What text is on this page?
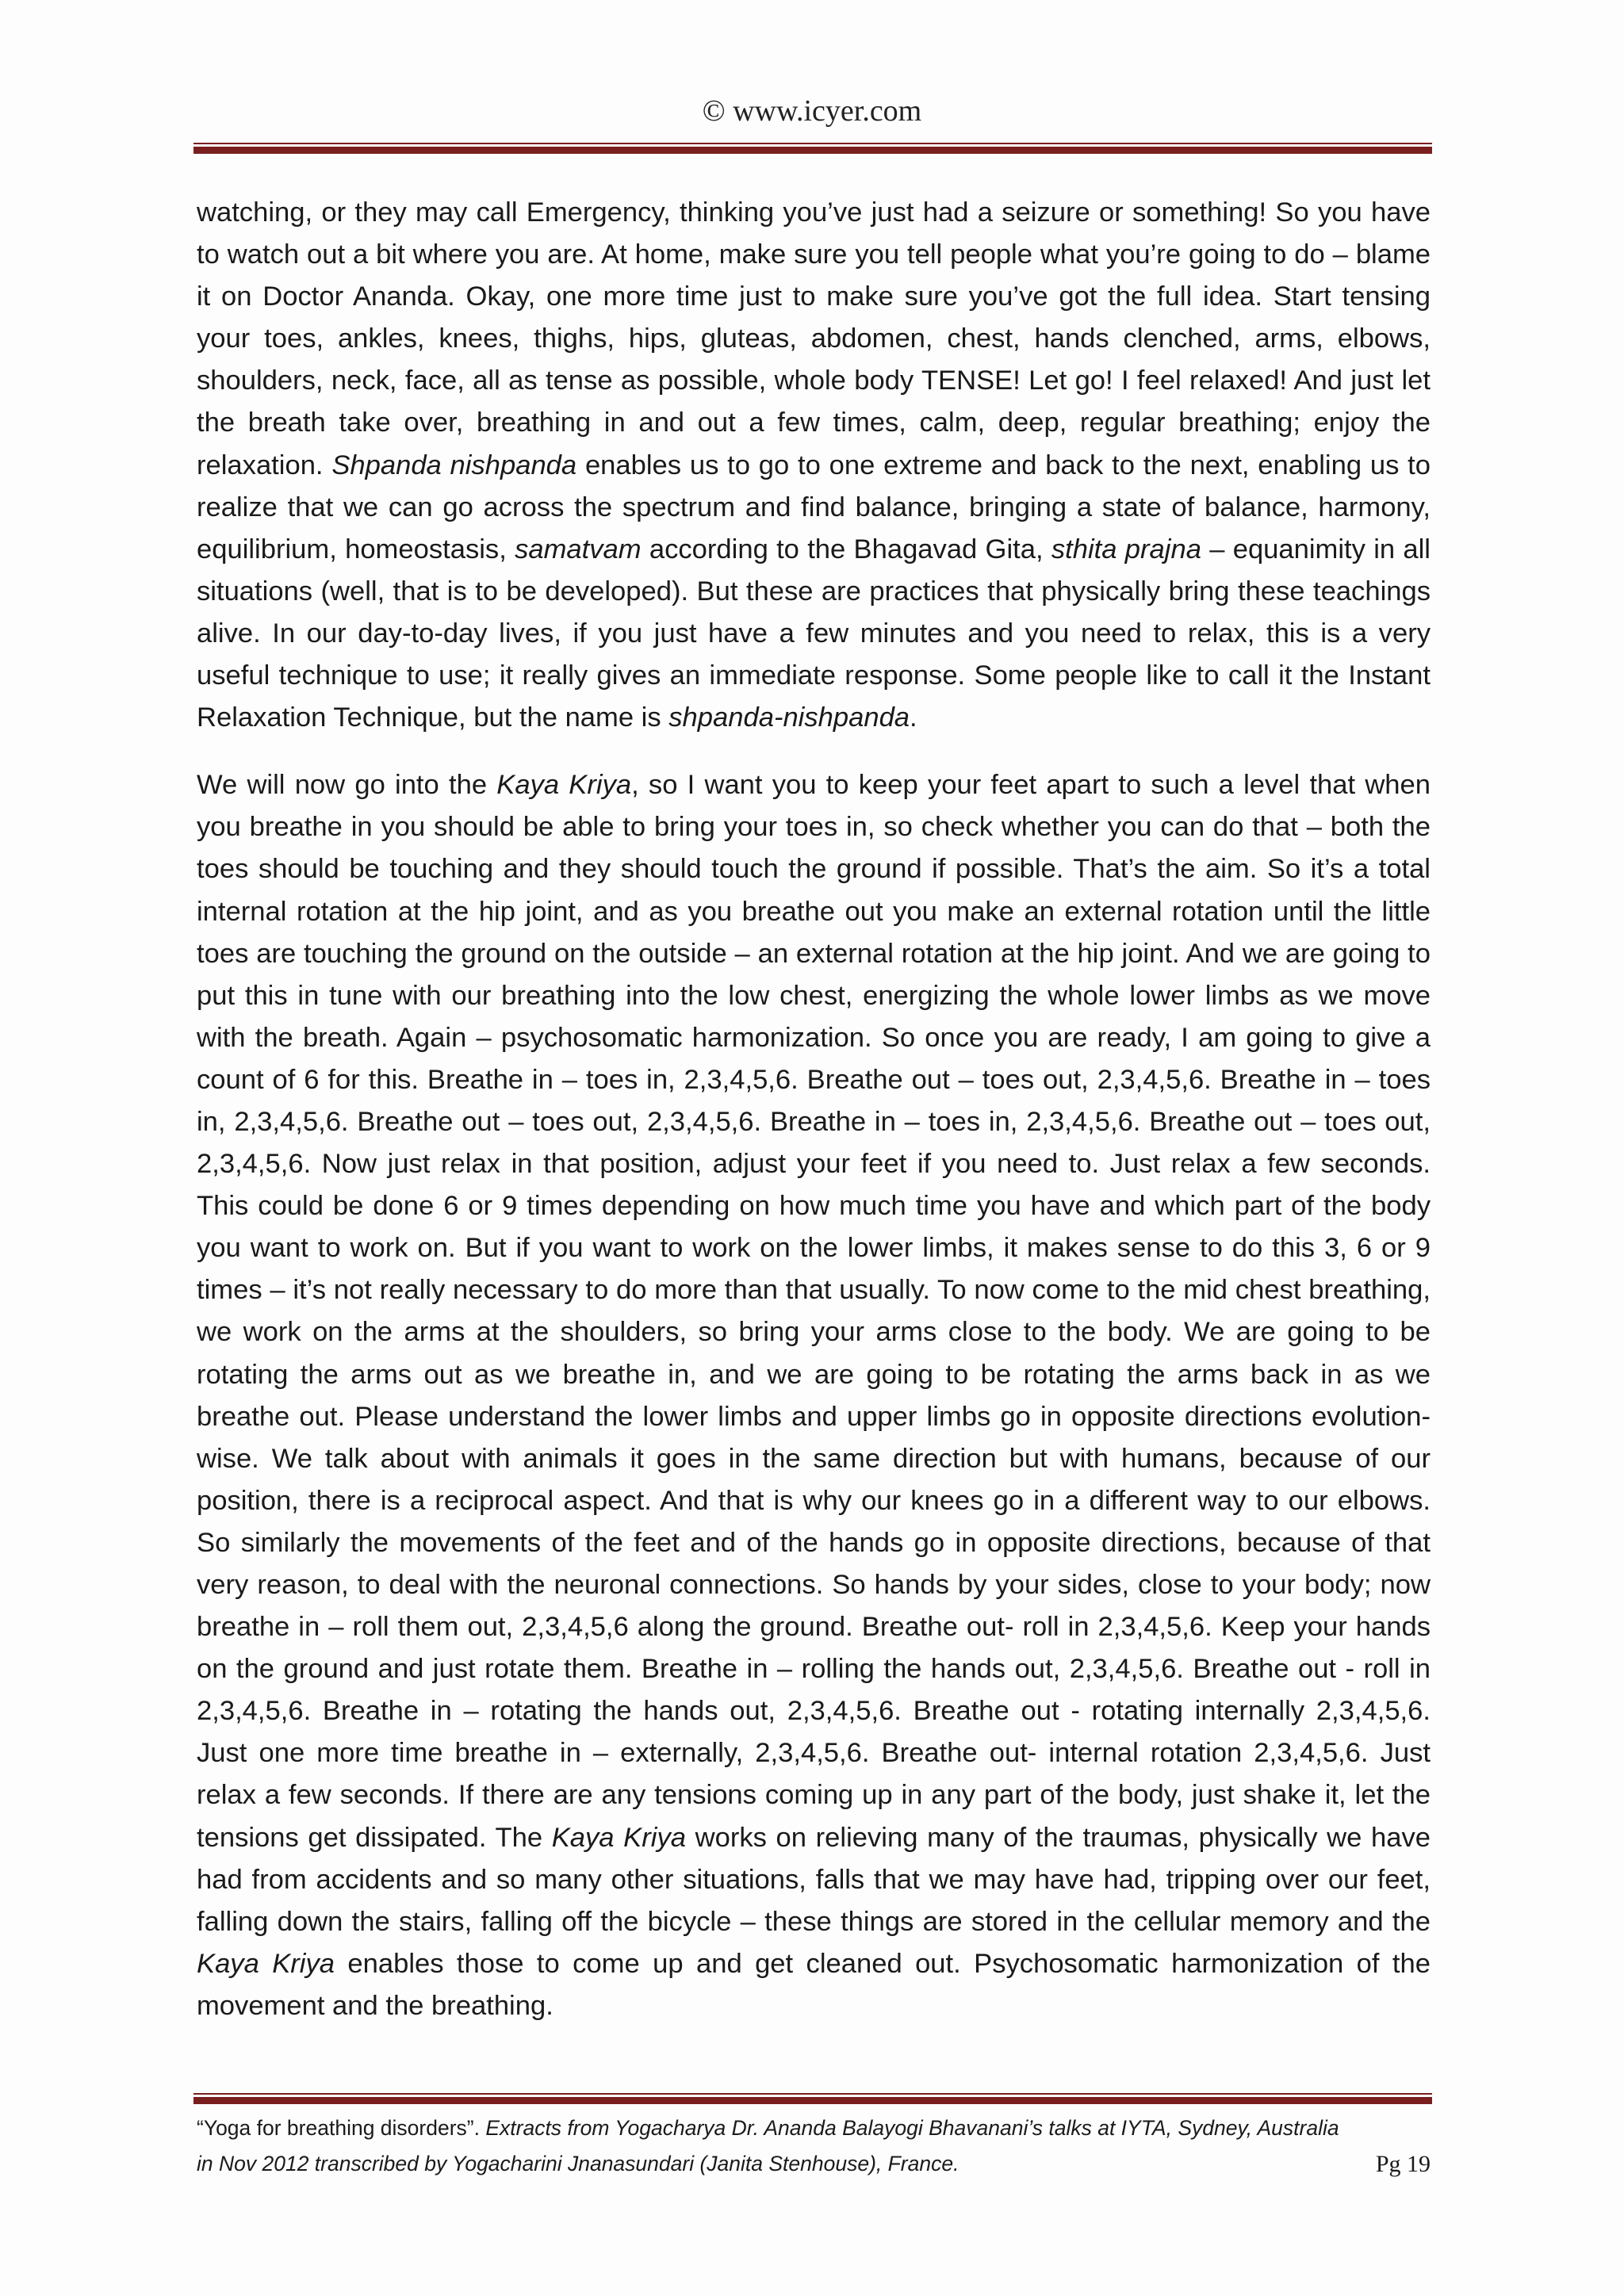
© www.icyer.com

watching, or they may call Emergency, thinking you’ve just had a seizure or something! So you have to watch out a bit where you are. At home, make sure you tell people what you’re going to do – blame it on Doctor Ananda. Okay, one more time just to make sure you’ve got the full idea. Start tensing your toes, ankles, knees, thighs, hips, gluteas, abdomen, chest, hands clenched, arms, elbows, shoulders, neck, face, all as tense as possible, whole body TENSE! Let go! I feel relaxed! And just let the breath take over, breathing in and out a few times, calm, deep, regular breathing; enjoy the relaxation. Shpanda nishpanda enables us to go to one extreme and back to the next, enabling us to realize that we can go across the spectrum and find balance, bringing a state of balance, harmony, equilibrium, homeostasis, samatvam according to the Bhagavad Gita, sthita prajna – equanimity in all situations (well, that is to be developed). But these are practices that physically bring these teachings alive. In our day-to-day lives, if you just have a few minutes and you need to relax, this is a very useful technique to use; it really gives an immediate response. Some people like to call it the Instant Relaxation Technique, but the name is shpanda-nishpanda.

We will now go into the Kaya Kriya, so I want you to keep your feet apart to such a level that when you breathe in you should be able to bring your toes in, so check whether you can do that – both the toes should be touching and they should touch the ground if possible. That’s the aim. So it’s a total internal rotation at the hip joint, and as you breathe out you make an external rotation until the little toes are touching the ground on the outside – an external rotation at the hip joint. And we are going to put this in tune with our breathing into the low chest, energizing the whole lower limbs as we move with the breath. Again – psychosomatic harmonization. So once you are ready, I am going to give a count of 6 for this. Breathe in – toes in, 2,3,4,5,6. Breathe out – toes out, 2,3,4,5,6. Breathe in – toes in, 2,3,4,5,6. Breathe out – toes out, 2,3,4,5,6. Breathe in – toes in, 2,3,4,5,6. Breathe out – toes out, 2,3,4,5,6. Now just relax in that position, adjust your feet if you need to. Just relax a few seconds. This could be done 6 or 9 times depending on how much time you have and which part of the body you want to work on. But if you want to work on the lower limbs, it makes sense to do this 3, 6 or 9 times – it’s not really necessary to do more than that usually. To now come to the mid chest breathing, we work on the arms at the shoulders, so bring your arms close to the body. We are going to be rotating the arms out as we breathe in, and we are going to be rotating the arms back in as we breathe out. Please understand the lower limbs and upper limbs go in opposite directions evolution-wise. We talk about with animals it goes in the same direction but with humans, because of our position, there is a reciprocal aspect. And that is why our knees go in a different way to our elbows. So similarly the movements of the feet and of the hands go in opposite directions, because of that very reason, to deal with the neuronal connections. So hands by your sides, close to your body; now breathe in – roll them out, 2,3,4,5,6 along the ground. Breathe out- roll in 2,3,4,5,6. Keep your hands on the ground and just rotate them. Breathe in – rolling the hands out, 2,3,4,5,6. Breathe out - roll in 2,3,4,5,6. Breathe in – rotating the hands out, 2,3,4,5,6. Breathe out - rotating internally 2,3,4,5,6. Just one more time breathe in – externally, 2,3,4,5,6. Breathe out- internal rotation 2,3,4,5,6. Just relax a few seconds. If there are any tensions coming up in any part of the body, just shake it, let the tensions get dissipated. The Kaya Kriya works on relieving many of the traumas, physically we have had from accidents and so many other situations, falls that we may have had, tripping over our feet, falling down the stairs, falling off the bicycle – these things are stored in the cellular memory and the Kaya Kriya enables those to come up and get cleaned out. Psychosomatic harmonization of the movement and the breathing.

“Yoga for breathing disorders”. Extracts from Yogacharya Dr. Ananda Balayogi Bhavanani’s talks at IYTA, Sydney, Australia
in Nov 2012 transcribed by Yogacharini Jnanasundari (Janita Stenhouse), France.	Pg 19
